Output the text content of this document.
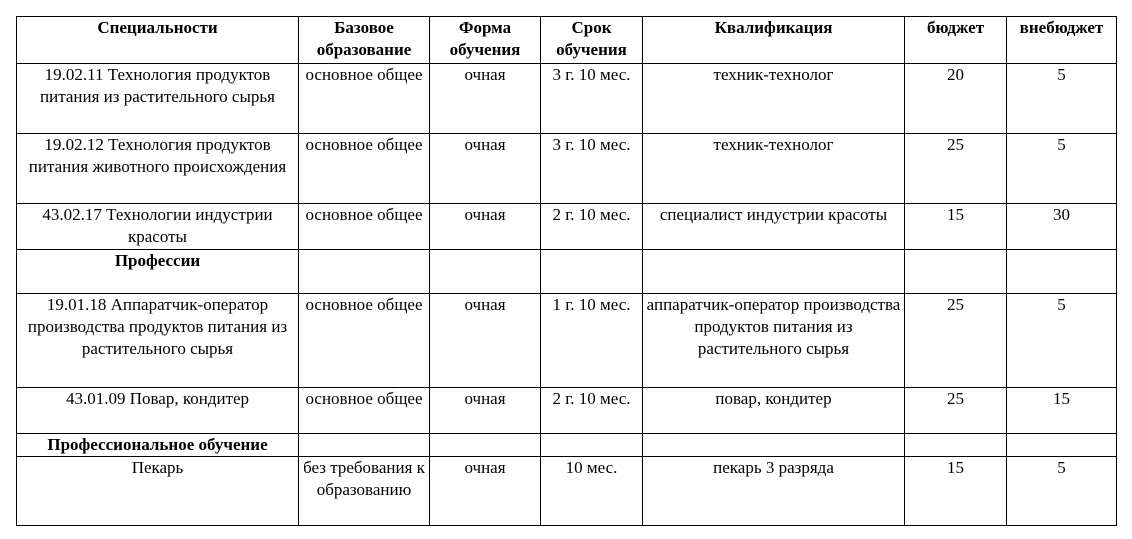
Специальности	Базовое образование	Форма обучения	Срок обучения	Квалификация	бюджет	внебюджет
19.02.11 Технология продуктов питания из растительного сырья	основное общее	очная	3 г. 10 мес.	техник-технолог	20	5
19.02.12 Технология продуктов питания животного происхождения	основное общее	очная	3 г. 10 мес.	техник-технолог	25	5
43.02.17 Технологии индустрии красоты	основное общее	очная	2 г. 10 мес.	специалист индустрии красоты	15	30
Профессии						
19.01.18 Аппаратчик-оператор производства продуктов питания из растительного сырья	основное общее	очная	1 г. 10 мес.	аппаратчик-оператор производства продуктов питания из растительного сырья	25	5
43.01.09 Повар, кондитер	основное общее	очная	2 г. 10 мес.	повар, кондитер	25	15
Профессиональное обучение						
Пекарь	без требования к образованию	очная	10 мес.	пекарь 3 разряда	15	5
